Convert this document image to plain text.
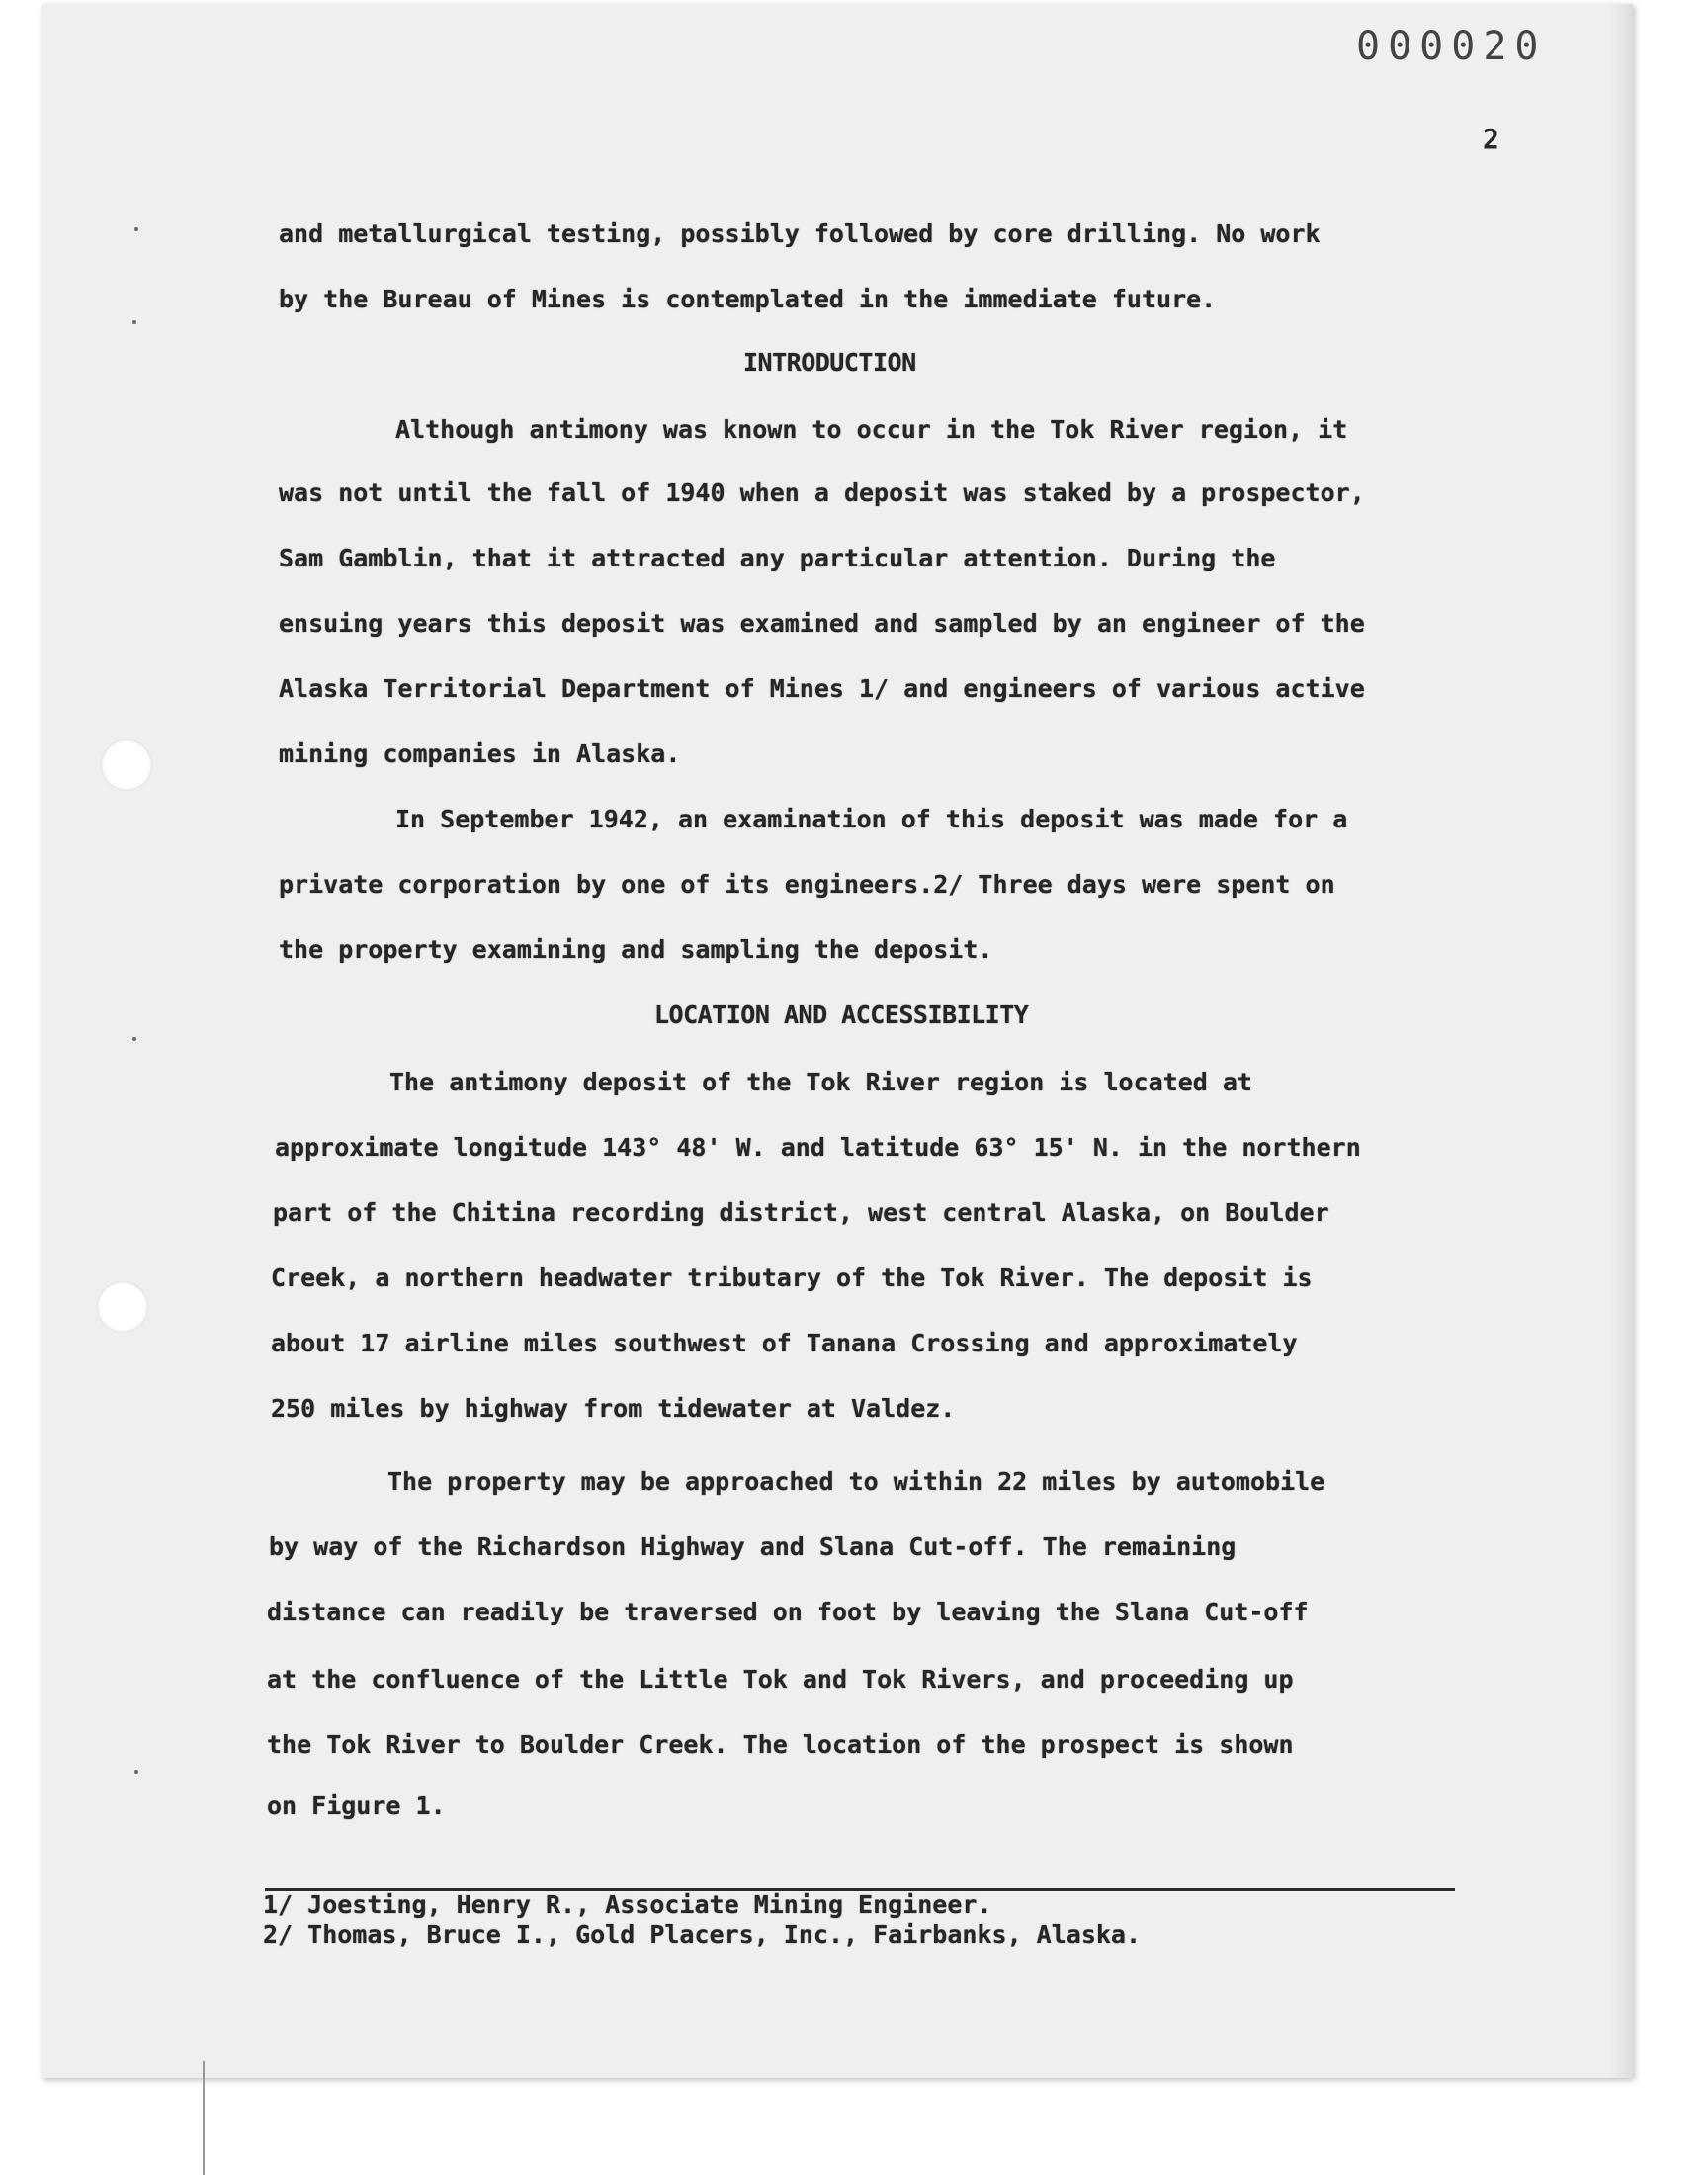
000020
2
and metallurgical testing, possibly followed by core drilling. No work
by the Bureau of Mines is contemplated in the immediate future.
INTRODUCTION
Although antimony was known to occur in the Tok River region, it
was not until the fall of 1940 when a deposit was staked by a prospector,
Sam Gamblin, that it attracted any particular attention. During the
ensuing years this deposit was examined and sampled by an engineer of the
Alaska Territorial Department of Mines 1/ and engineers of various active
mining companies in Alaska.
In September 1942, an examination of this deposit was made for a
private corporation by one of its engineers.2/ Three days were spent on
the property examining and sampling the deposit.
LOCATION AND ACCESSIBILITY
The antimony deposit of the Tok River region is located at
approximate longitude 143° 48' W. and latitude 63° 15' N. in the northern
part of the Chitina recording district, west central Alaska, on Boulder
Creek, a northern headwater tributary of the Tok River. The deposit is
about 17 airline miles southwest of Tanana Crossing and approximately
250 miles by highway from tidewater at Valdez.
The property may be approached to within 22 miles by automobile
by way of the Richardson Highway and Slana Cut-off. The remaining
distance can readily be traversed on foot by leaving the Slana Cut-off
at the confluence of the Little Tok and Tok Rivers, and proceeding up
the Tok River to Boulder Creek. The location of the prospect is shown
on Figure 1.
1/ Joesting, Henry R., Associate Mining Engineer.
2/ Thomas, Bruce I., Gold Placers, Inc., Fairbanks, Alaska.
